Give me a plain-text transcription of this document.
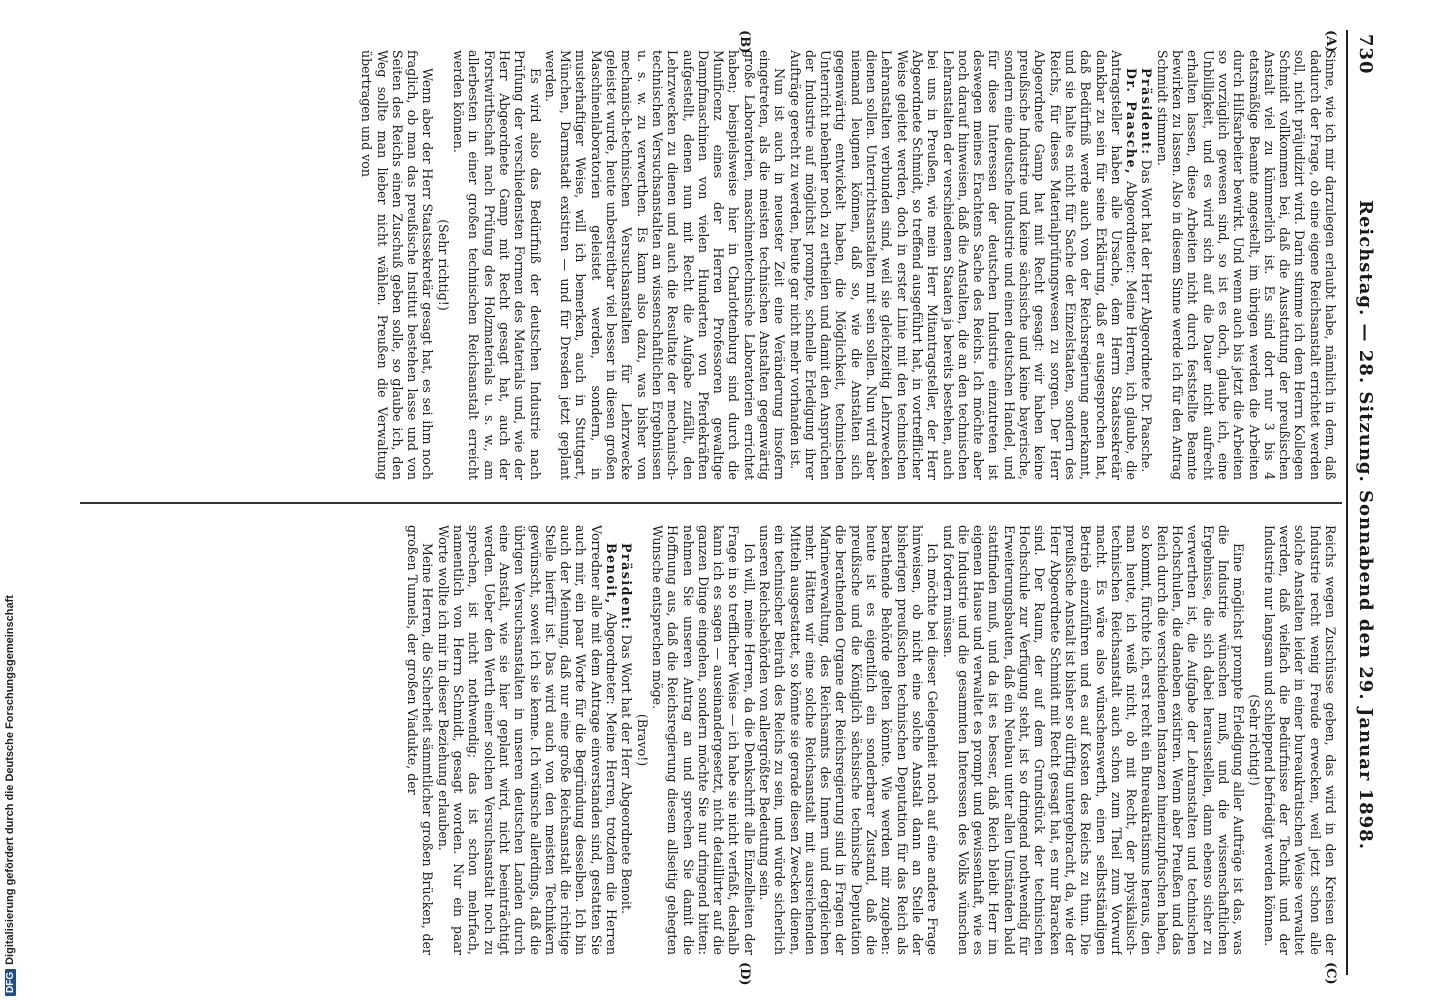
730
Reichstag. — 28. Sitzung. Sonnabend den 29. Januar 1898.
(A)
(B)
(C)
(D)

Sinne, wie ich mir darzulegen erlaubt habe, nämlich in dem, daß dadurch der Frage, ob eine eigene Reichsanstalt errichtet werden soll, nicht präjudizirt wird. Darin stimme ich dem Herrn Kollegen Schmidt vollkommen bei, daß die Ausstattung der preußischen Anstalt viel zu kümmerlich ist. Es sind dort nur 3 bis 4 etatsmäßige Beamte angestellt, im übrigen werden die Arbeiten durch Hilfsarbeiter bewirkt. Und wenn auch bis jetzt die Arbeiten so vorzüglich gewesen sind, so ist es doch, glaube ich, eine Unbilligkeit, und es wird sich auf die Dauer nicht aufrecht erhalten lassen, diese Arbeiten nicht durch feststellte Beamte bewirken zu lassen. Also in diesem Sinne werde ich für den Antrag Schmidt stimmen.

Präsident: Das Wort hat der Herr Abgeordnete Dr. Paasche.

Dr. Paasche, Abgeordneter: Meine Herren, ich glaube, die Antragsteller haben alle Ursache, dem Herrn Staatssekretär dankbar zu sein für seine Erklärung, daß er ausgesprochen hat, daß Bedürfniß werde auch von der Reichsregierung anerkannt, und sie halte es nicht für Sache der Einzelstaaten, sondern des Reichs, für dieses Materialprüfungswesen zu sorgen. Der Herr Abgeordnete Gamp hat mit Recht gesagt: wir haben keine preußische Industrie und keine sächsische und keine bayerische, sondern eine deutsche Industrie und einen deutschen Handel, und für diese Interessen der deutschen Industrie einzutreten ist deswegen meines Erachtens Sache des Reichs. Ich möchte aber noch darauf hinweisen, daß die Anstalten, die an den technischen Lehranstalten der verschiedenen Staaten ja bereits bestehen, auch bei uns in Preußen, wie mein Herr Mitantragsteller, der Herr Abgeordnete Schmidt, so treffend ausgeführt hat, in vortrefflicher Weise geleitet werden, doch in erster Linie mit den technischen Lehranstalten verbunden sind, weil sie gleichzeitig Lehrzwecken dienen sollen. Unterrichtsanstalten mit sein sollen. Nun wird aber niemand leugnen können, daß so, wie die Anstalten sich gegenwärtig entwickelt haben, die Möglichkeit, technischen Unterricht nebenher noch zu ertheilen und damit den Ansprüchen der Industrie auf möglichst prompte, schnelle Erledigung ihrer Aufträge gerecht zu werden, heute gar nicht mehr vorhanden ist.

Nun ist auch in neuester Zeit eine Veränderung insofern eingetreten, als die meisten technischen Anstalten gegenwärtig große Laboratorien, maschinentechnische Laboratorien errichtet haben; beispielsweise hier in Charlottenburg sind durch die Munificenz eines der Herren Professoren gewaltige Dampfmaschinen von vielen Hunderten von Pferdekräften aufgestellt, denen nun mit Recht die Aufgabe zufällt, den Lehrzwecken zu dienen und auch die Resultate der mechanisch-technischen Versuchsanstalten an wissenschaftlichen Ergebnissen u. s. w. zu verwerthen. Es kann also dazu, was bisher von mechanisch-technischen Versuchsanstalten für Lehrzwecke geleistet wurde, heute unbestreitbar viel besser in diesen großen Maschinenlaboratorien geleistet werden, sondern, in musterhaftiger Weise, will ich bemerken, auch in Stuttgart, München, Darmstadt existiren — und für Dresden jetzt geplant werden.

Es wird also das Bedürfniß der deutschen Industrie nach Prüfung der verschiedensten Formen des Materials und, wie der Herr Abgeordnete Gamp mit Recht gesagt hat, auch der Forstwirthschaft nach Prüfung des Holzmaterials u. s. w., am allerbesten in einer großen technischen Reichsanstalt erreicht werden können.

(Sehr richtig!)

Wenn aber der Herr Staatssekretär gesagt hat, es sei ihm noch fraglich, ob man das preußische Institut bestehen lasse und von Seiten des Reichs einen Zuschuß geben solle, so glaube ich, den Weg sollte man lieber nicht wählen. Preußen die Verwaltung übertragen und von

Reichs wegen Zuschüsse geben, das wird in den Kreisen der Industrie recht wenig Freude erwecken, weil jetzt schon alle solche Anstalten leider in einer bureaukratischen Weise verwaltet werden, daß vielfach die Bedürfnisse der Technik und der Industrie nur langsam und schleppend befriedigt werden können.

(Sehr richtig!)

Eine möglichst prompte Erledigung aller Aufträge ist das, was die Industrie wünschen muß, und die wissenschaftlichen Ergebnisse, die sich dabei herausstellen, dann ebenso sicher zu verwerthen ist, die Aufgabe der Lehranstalten und technischen Hochschulen, die daneben existiren. Wenn aber Preußen und das Reich durch die verschiedenen Instanzen hineinzupfuschen haben, so kommt, fürchte ich, erst recht ein Bureaukratismus heraus, den man heute, ich weiß nicht, ob mit Recht, der physikalisch-technischen Reichsanstalt auch schon zum Theil zum Vorwurf macht. Es wäre also wünschenswerth, einen selbstständigen Betrieb einzuführen und es auf Kosten des Reichs zu thun. Die preußische Anstalt ist bisher so dürftig untergebracht, da, wie der Herr Abgeordnete Schmidt mit Recht gesagt hat, es nur Baracken sind. Der Raum, der auf dem Grundstück der technischen Hochschule zur Verfügung steht, ist so dringend nothwendig für Erweiterungsbauten, daß ein Neubau unter allen Umständen bald stattfinden muß, und da ist es besser, daß Reich bleibt Herr im eigenen Hause und verwaltet es prompt und gewissenhaft, wie es die Industrie und die gesammten Interessen des Volks wünschen und fordern müssen.

Ich möchte bei dieser Gelegenheit noch auf eine andere Frage hinweisen, ob nicht eine solche Anstalt dann an Stelle der bisherigen preußischen technischen Deputation für das Reich als berathende Behörde gelten könnte. Wie werden mir zugeben: heute ist es eigentlich ein sonderbarer Zustand, daß die preußische und die Königlich sächsische technische Deputation die berathenden Organe der Reichsregierung sind in Fragen der Marineverwaltung, des Reichsamts des Innern und dergleichen mehr. Hätten wir eine solche Reichsanstalt mit ausreichenden Mitteln ausgestattet, so könnte sie gerade diesen Zwecken dienen, ein technischer Beirath des Reichs zu sein, und würde sicherlich unseren Reichsbehörden von allergrößter Bedeutung sein.

Ich will, meine Herren, da die Denkschrift alle Einzelheiten der Frage in so trefflicher Weise — ich habe sie nicht verfaßt, deshalb kann ich es sagen — auseinandergesetzt, nicht detaillirter auf die ganzen Dinge eingehen, sondern möchte Sie nur dringend bitten: nehmen Sie unseren Antrag an und sprechen Sie damit die Hoffnung aus, daß die Reichsregierung diesem allseitig gehegten Wunsche entsprechen möge.

(Bravo!)

Präsident: Das Wort hat der Herr Abgeordnete Benoit.

Benoit, Abgeordneter: Meine Herren, trotzdem die Herren Vorredner alle mit dem Antrage einverstanden sind, gestatten Sie auch mir, ein paar Worte für die Begründung desselben. Ich bin auch der Meinung, daß nur eine große Reichsanstalt die richtige Stelle hierfür ist. Das wird auch von den meisten Technikern gewünscht, soweit ich sie kenne. Ich wünsche allerdings, daß die übrigen Versuchsanstalten in unseren deutschen Landen durch eine Anstalt, wie sie hier geplant wird, nicht beeinträchtigt werden. Ueber den Werth einer solchen Versuchsanstalt noch zu sprechen, ist nicht nothwendig; das ist schon mehrfach, namentlich von Herrn Schmidt, gesagt worden. Nur ein paar Worte wollte ich mir in dieser Beziehung erlauben.

Meine Herren, die Sicherheit sämmtlicher großen Brücken, der großen Tunnels, der großen Viadukte, der

DFGDigitalisierung gefördert durch die Deutsche Forschungsgemeinschaft
